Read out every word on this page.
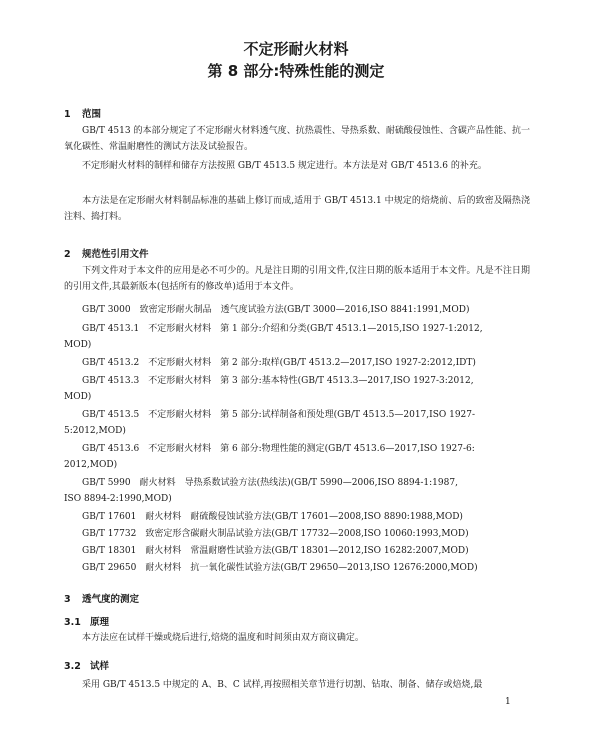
不定形耐火材料
第 8 部分:特殊性能的测定
1 范围
GB/T 4513 的本部分规定了不定形耐火材料透气度、抗热震性、导热系数、耐硫酸侵蚀性、含碳产品性能、抗一氧化碳性、常温耐磨性的测试方法及试验报告。
不定形耐火材料的制样和储存方法按照 GB/T 4513.5 规定进行。本方法是对 GB/T 4513.6 的补充。
本方法是在定形耐火材料制品标准的基础上修订而成,适用于 GB/T 4513.1 中规定的焙烧前、后的致密及隔热浇注料、捣打料。
2 规范性引用文件
下列文件对于本文件的应用是必不可少的。凡是注日期的引用文件,仅注日期的版本适用于本文件。凡是不注日期的引用文件,其最新版本(包括所有的修改单)适用于本文件。
GB/T 3000　致密定形耐火制品　透气度试验方法(GB/T 3000—2016,ISO 8841:1991,MOD)
GB/T 4513.1　不定形耐火材料　第 1 部分:介绍和分类(GB/T 4513.1—2015,ISO 1927-1:2012,
MOD)
GB/T 4513.2　不定形耐火材料　第 2 部分:取样(GB/T 4513.2—2017,ISO 1927-2:2012,IDT)
GB/T 4513.3　不定形耐火材料　第 3 部分:基本特性(GB/T 4513.3—2017,ISO 1927-3:2012,
MOD)
GB/T 4513.5　不定形耐火材料　第 5 部分:试样制备和预处理(GB/T 4513.5—2017,ISO 1927-
5:2012,MOD)
GB/T 4513.6　不定形耐火材料　第 6 部分:物理性能的测定(GB/T 4513.6—2017,ISO 1927-6:
2012,MOD)
GB/T 5990　耐火材料　导热系数试验方法(热线法)(GB/T 5990—2006,ISO 8894-1:1987,
ISO 8894-2:1990,MOD)
GB/T 17601　耐火材料　耐硫酸侵蚀试验方法(GB/T 17601—2008,ISO 8890:1988,MOD)
GB/T 17732　致密定形含碳耐火制品试验方法(GB/T 17732—2008,ISO 10060:1993,MOD)
GB/T 18301　耐火材料　常温耐磨性试验方法(GB/T 18301—2012,ISO 16282:2007,MOD)
GB/T 29650　耐火材料　抗一氧化碳性试验方法(GB/T 29650—2013,ISO 12676:2000,MOD)
3 透气度的测定
3.1 原理
本方法应在试样干燥或烧后进行,焙烧的温度和时间须由双方商议确定。
3.2 试样
采用 GB/T 4513.5 中规定的 A、B、C 试样,再按照相关章节进行切割、钻取、制备、储存或焙烧,最
1
